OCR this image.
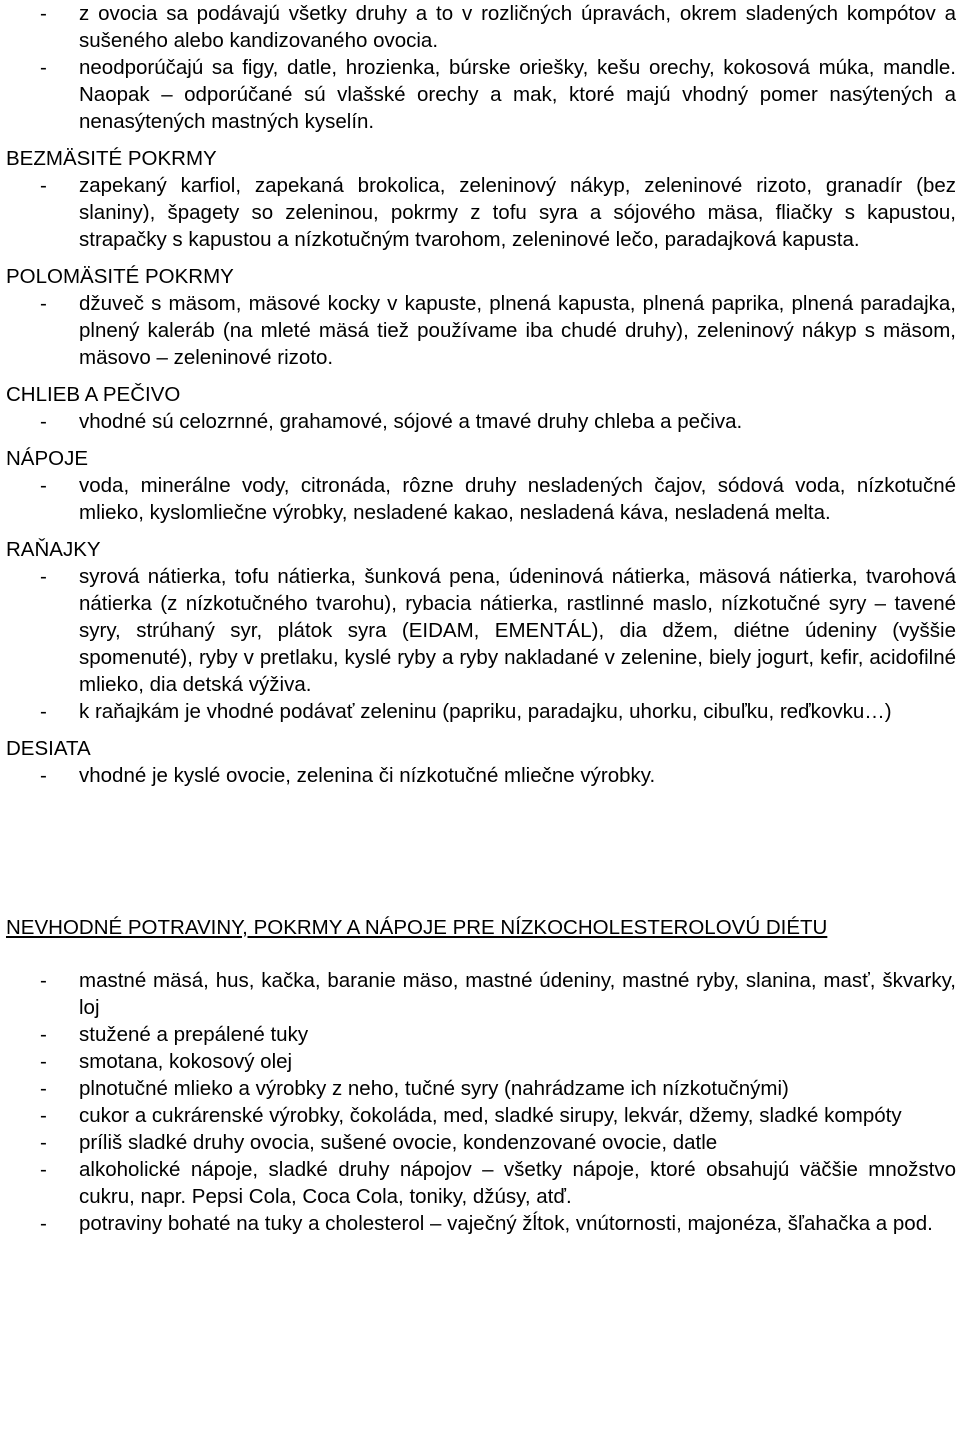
-
z ovocia sa podávajú všetky druhy a to v rozličných úpravách, okrem sladených kompótov a sušeného alebo kandizovaného ovocia.

-
neodporúčajú sa figy, datle, hrozienka, búrske oriešky, kešu orechy, kokosová múka, mandle. Naopak – odporúčané sú vlašské orechy a mak, ktoré majú vhodný pomer nasýtených a nenasýtených mastných kyselín.

BEZMÄSITÉ POKRMY

-
zapekaný karfiol, zapekaná brokolica, zeleninový nákyp, zeleninové rizoto, granadír (bez slaniny), špagety so zeleninou, pokrmy z tofu syra a sójového mäsa, fliačky s kapustou, strapačky s kapustou a nízkotučným tvarohom, zeleninové lečo, paradajková kapusta.

POLOMÄSITÉ POKRMY

-
džuveč s mäsom, mäsové kocky v kapuste, plnená kapusta, plnená paprika, plnená paradajka, plnený kaleráb (na mleté mäsá tiež používame iba chudé druhy), zeleninový nákyp s mäsom, mäsovo – zeleninové rizoto.

CHLIEB A PEČIVO

-
vhodné sú celozrnné, grahamové, sójové a tmavé druhy chleba a pečiva.

NÁPOJE

-
voda, minerálne vody, citronáda, rôzne druhy nesladených čajov, sódová voda, nízkotučné mlieko, kyslomliečne výrobky, nesladené kakao, nesladená káva, nesladená melta.

RAŇAJKY

-
syrová nátierka, tofu nátierka, šunková pena, údeninová nátierka, mäsová nátierka, tvarohová nátierka (z nízkotučného tvarohu), rybacia nátierka, rastlinné maslo, nízkotučné syry – tavené syry, strúhaný syr, plátok syra (EIDAM, EMENTÁL), dia džem, diétne údeniny (vyššie spomenuté), ryby v pretlaku, kyslé ryby a ryby nakladané v zelenine, biely jogurt, kefir, acidofilné mlieko, dia detská výživa.

-
k raňajkám je vhodné podávať zeleninu (papriku, paradajku, uhorku, cibuľku, reďkovku…)

DESIATA

-
vhodné je kyslé ovocie, zelenina či nízkotučné mliečne výrobky.

NEVHODNÉ POTRAVINY, POKRMY A NÁPOJE PRE NÍZKOCHOLESTEROLOVÚ DIÉTU

-
mastné mäsá, hus, kačka, baranie mäso, mastné údeniny, mastné ryby, slanina, masť, škvarky, loj

-
stužené a prepálené tuky

-
smotana, kokosový olej

-
plnotučné mlieko a výrobky z neho, tučné syry (nahrádzame ich nízkotučnými)

-
cukor a cukrárenské výrobky, čokoláda, med, sladké sirupy, lekvár, džemy, sladké kompóty

-
príliš sladké druhy ovocia, sušené ovocie, kondenzované ovocie, datle

-
alkoholické nápoje, sladké druhy nápojov – všetky nápoje, ktoré obsahujú väčšie množstvo cukru, napr. Pepsi Cola, Coca Cola, toniky, džúsy, atď.

-
potraviny bohaté na tuky a cholesterol – vaječný žĺtok, vnútornosti, majonéza, šľahačka a pod.
